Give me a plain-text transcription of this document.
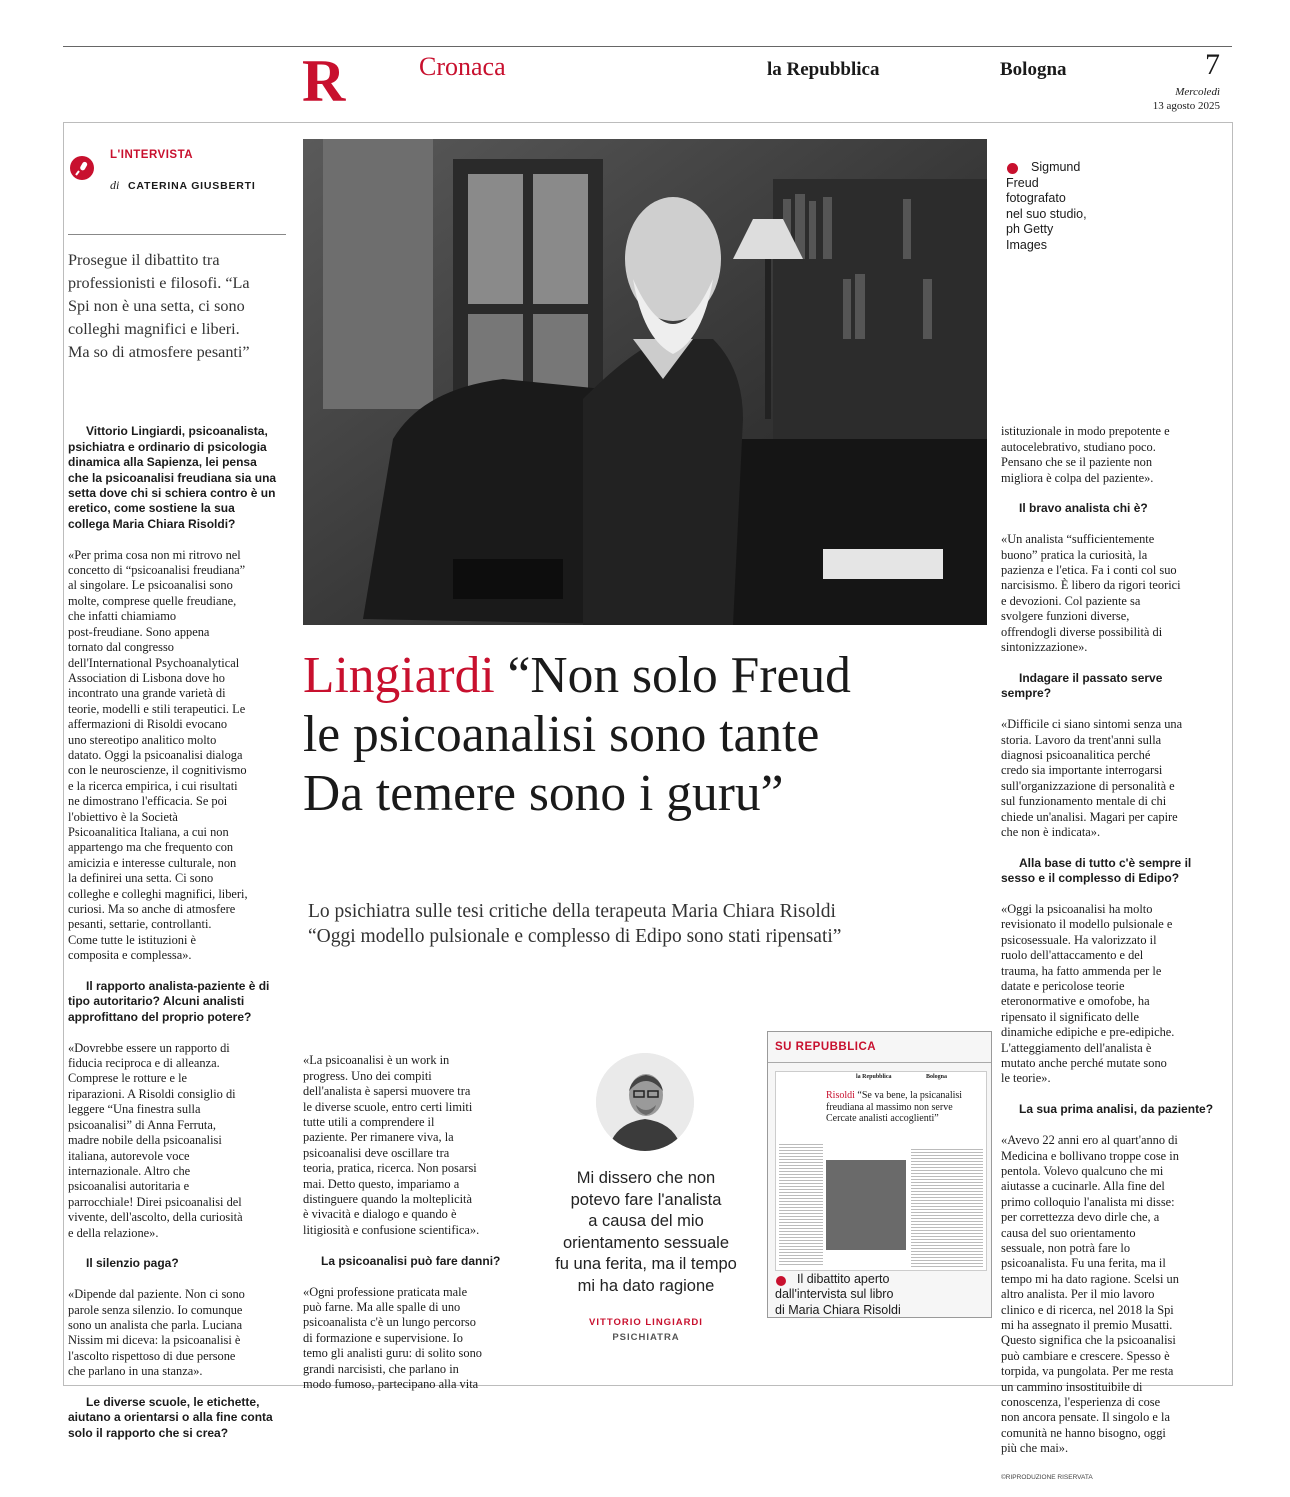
R	Cronaca	la Repubblica	Bologna	7
Mercoledì
13 agosto 2025
L'INTERVISTA
di CATERINA GIUSBERTI
Prosegue il dibattito tra
professionisti e filosofi. “La
Spi non è una setta, ci sono
colleghi magnifici e liberi.
Ma so di atmosfere pesanti”
Sigmund
Freud
fotografato
nel suo studio,
ph Getty
Images
Lingiardi “Non solo Freud
le psicoanalisi sono tante
Da temere sono i guru”
Lo psichiatra sulle tesi critiche della terapeuta Maria Chiara Risoldi
“Oggi modello pulsionale e complesso di Edipo sono stati ripensati”

Vittorio Lingiardi, psicoanalista,
psichiatra e ordinario di psicologia
dinamica alla Sapienza, lei pensa
che la psicoanalisi freudiana sia una
setta dove chi si schiera contro è un
eretico, come sostiene la sua
collega Maria Chiara Risoldi?

«Per prima cosa non mi ritrovo nel
concetto di “psicoanalisi freudiana”
al singolare. Le psicoanalisi sono
molte, comprese quelle freudiane,
che infatti chiamiamo
post-freudiane. Sono appena
tornato dal congresso
dell'International Psychoanalytical
Association di Lisbona dove ho
incontrato una grande varietà di
teorie, modelli e stili terapeutici. Le
affermazioni di Risoldi evocano
uno stereotipo analitico molto
datato. Oggi la psicoanalisi dialoga
con le neuroscienze, il cognitivismo
e la ricerca empirica, i cui risultati
ne dimostrano l'efficacia. Se poi
l'obiettivo è la Società
Psicoanalitica Italiana, a cui non
appartengo ma che frequento con
amicizia e interesse culturale, non
la definirei una setta. Ci sono
colleghe e colleghi magnifici, liberi,
curiosi. Ma so anche di atmosfere
pesanti, settarie, controllanti.
Come tutte le istituzioni è
composita e complessa».

Il rapporto analista-paziente è di
tipo autoritario? Alcuni analisti
approfittano del proprio potere?

«Dovrebbe essere un rapporto di
fiducia reciproca e di alleanza.
Comprese le rotture e le
riparazioni. A Risoldi consiglio di
leggere “Una finestra sulla
psicoanalisi” di Anna Ferruta,
madre nobile della psicoanalisi
italiana, autorevole voce
internazionale. Altro che
psicoanalisi autoritaria e
parrocchiale! Direi psicoanalisi del
vivente, dell'ascolto, della curiosità
e della relazione».

Il silenzio paga?

«Dipende dal paziente. Non ci sono
parole senza silenzio. Io comunque
sono un analista che parla. Luciana
Nissim mi diceva: la psicoanalisi è
l'ascolto rispettoso di due persone
che parlano in una stanza».

Le diverse scuole, le etichette,
aiutano a orientarsi o alla fine conta
solo il rapporto che si crea?

«La psicoanalisi è un work in
progress. Uno dei compiti
dell'analista è sapersi muovere tra
le diverse scuole, entro certi limiti
tutte utili a comprendere il
paziente. Per rimanere viva, la
psicoanalisi deve oscillare tra
teoria, pratica, ricerca. Non posarsi
mai. Detto questo, impariamo a
distinguere quando la molteplicità
è vivacità e dialogo e quando è
litigiosità e confusione scientifica».

La psicoanalisi può fare danni?

«Ogni professione praticata male
può farne. Ma alle spalle di uno
psicoanalista c'è un lungo percorso
di formazione e supervisione. Io
temo gli analisti guru: di solito sono
grandi narcisisti, che parlano in
modo fumoso, partecipano alla vita

Mi dissero che non
potevo fare l'analista
a causa del mio
orientamento sessuale
fu una ferita, ma il tempo
mi ha dato ragione
VITTORIO LINGIARDI
PSICHIATRA
SU REPUBBLICA
la Repubblica	Bologna
Risoldi “Se va bene, la psicanalisi
freudiana al massimo non serve
Cercate analisti accoglienti”
Il dibattito aperto
dall'intervista sul libro
di Maria Chiara Risoldi

istituzionale in modo prepotente e
autocelebrativo, studiano poco.
Pensano che se il paziente non
migliora è colpa del paziente».

Il bravo analista chi è?

«Un analista “sufficientemente
buono” pratica la curiosità, la
pazienza e l'etica. Fa i conti col suo
narcisismo. È libero da rigori teorici
e devozioni. Col paziente sa
svolgere funzioni diverse,
offrendogli diverse possibilità di
sintonizzazione».

Indagare il passato serve
sempre?

«Difficile ci siano sintomi senza una
storia. Lavoro da trent'anni sulla
diagnosi psicoanalitica perché
credo sia importante interrogarsi
sull'organizzazione di personalità e
sul funzionamento mentale di chi
chiede un'analisi. Magari per capire
che non è indicata».

Alla base di tutto c'è sempre il
sesso e il complesso di Edipo?

«Oggi la psicoanalisi ha molto
revisionato il modello pulsionale e
psicosessuale. Ha valorizzato il
ruolo dell'attaccamento e del
trauma, ha fatto ammenda per le
datate e pericolose teorie
eteronormative e omofobe, ha
ripensato il significato delle
dinamiche edipiche e pre-edipiche.
L'atteggiamento dell'analista è
mutato anche perché mutate sono
le teorie».

La sua prima analisi, da paziente?

«Avevo 22 anni ero al quart'anno di
Medicina e bollivano troppe cose in
pentola. Volevo qualcuno che mi
aiutasse a cucinarle. Alla fine del
primo colloquio l'analista mi disse:
per correttezza devo dirle che, a
causa del suo orientamento
sessuale, non potrà fare lo
psicoanalista. Fu una ferita, ma il
tempo mi ha dato ragione. Scelsi un
altro analista. Per il mio lavoro
clinico e di ricerca, nel 2018 la Spi
mi ha assegnato il premio Musatti.
Questo significa che la psicoanalisi
può cambiare e crescere. Spesso è
torpida, va pungolata. Per me resta
un cammino insostituibile di
conoscenza, l'esperienza di cose
non ancora pensate. Il singolo e la
comunità ne hanno bisogno, oggi
più che mai».

©RIPRODUZIONE RISERVATA
